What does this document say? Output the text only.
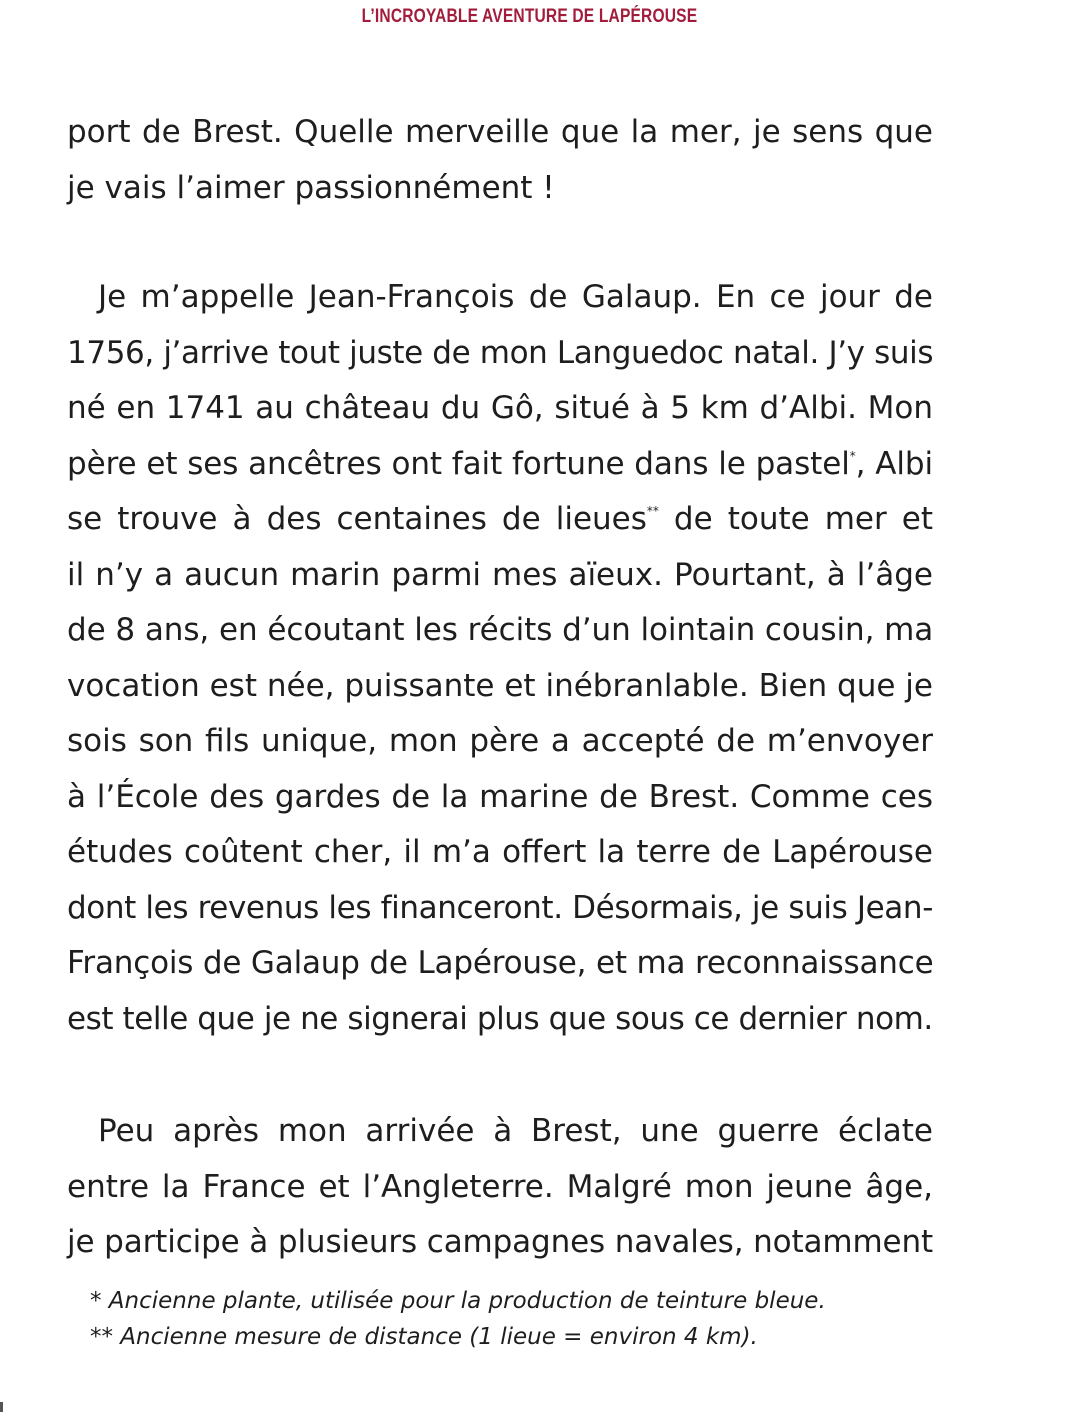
L’INCROYABLE AVENTURE DE LAPÉROUSE
port de Brest. Quelle merveille que la mer, je sens que
je vais l’aimer passionnément !
Je m’appelle Jean-François de Galaup. En ce jour de
1756, j’arrive tout juste de mon Languedoc natal. J’y suis
né en 1741 au château du Gô, situé à 5 km d’Albi. Mon
père et ses ancêtres ont fait fortune dans le pastel*, Albi
se trouve à des centaines de lieues** de toute mer et
il n’y a aucun marin parmi mes aïeux. Pourtant, à l’âge
de 8 ans, en écoutant les récits d’un lointain cousin, ma
vocation est née, puissante et inébranlable. Bien que je
sois son fils unique, mon père a accepté de m’envoyer
à l’École des gardes de la marine de Brest. Comme ces
études coûtent cher, il m’a offert la terre de Lapérouse
dont les revenus les financeront. Désormais, je suis Jean-
François de Galaup de Lapérouse, et ma reconnaissance
est telle que je ne signerai plus que sous ce dernier nom.
Peu après mon arrivée à Brest, une guerre éclate
entre la France et l’Angleterre. Malgré mon jeune âge,
je participe à plusieurs campagnes navales, notamment
* Ancienne plante, utilisée pour la production de teinture bleue.
** Ancienne mesure de distance (1 lieue = environ 4 km).
